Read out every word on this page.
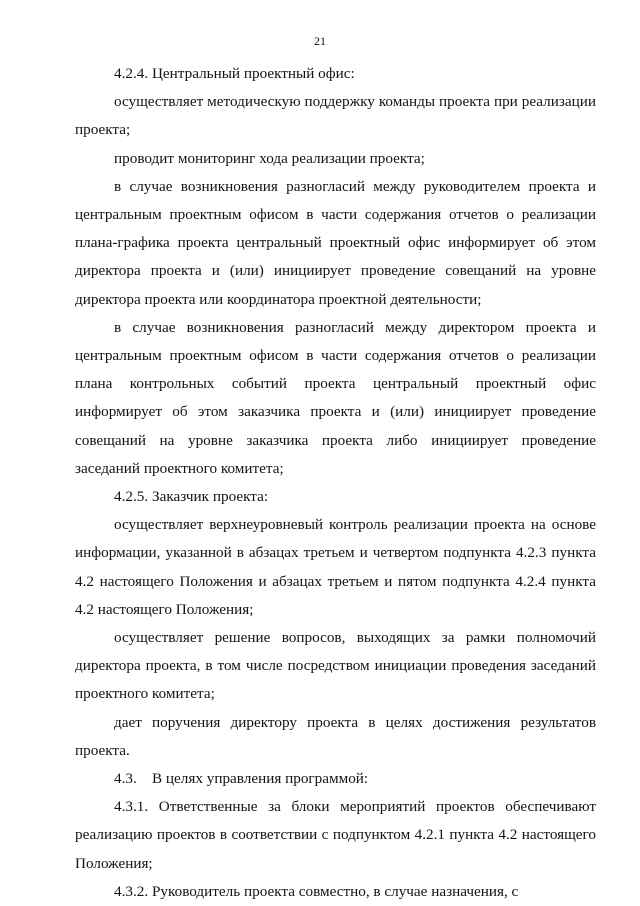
21

4.2.4. Центральный проектный офис:

осуществляет методическую поддержку команды проекта при реализации проекта;

проводит мониторинг хода реализации проекта;

в случае возникновения разногласий между руководителем проекта и центральным проектным офисом в части содержания отчетов о реализации плана-графика проекта центральный проектный офис информирует об этом директора проекта и (или) инициирует проведение совещаний на уровне директора проекта или координатора проектной деятельности;

в случае возникновения разногласий между директором проекта и центральным проектным офисом в части содержания отчетов о реализации плана контрольных событий проекта центральный проектный офис информирует об этом заказчика проекта и (или) инициирует проведение совещаний на уровне заказчика проекта либо инициирует проведение заседаний проектного комитета;

4.2.5. Заказчик проекта:

осуществляет верхнеуровневый контроль реализации проекта на основе информации, указанной в абзацах третьем и четвертом подпункта 4.2.3 пункта 4.2 настоящего Положения и абзацах третьем и пятом подпункта 4.2.4 пункта 4.2 настоящего Положения;

осуществляет решение вопросов, выходящих за рамки полномочий директора проекта, в том числе посредством инициации проведения заседаний проектного комитета;

дает поручения директору проекта в целях достижения результатов проекта.

4.3.    В целях управления программой:

4.3.1. Ответственные за блоки мероприятий проектов обеспечивают реализацию проектов в соответствии с подпунктом 4.2.1 пункта 4.2 настоящего Положения;

4.3.2. Руководитель проекта совместно, в случае назначения, с
